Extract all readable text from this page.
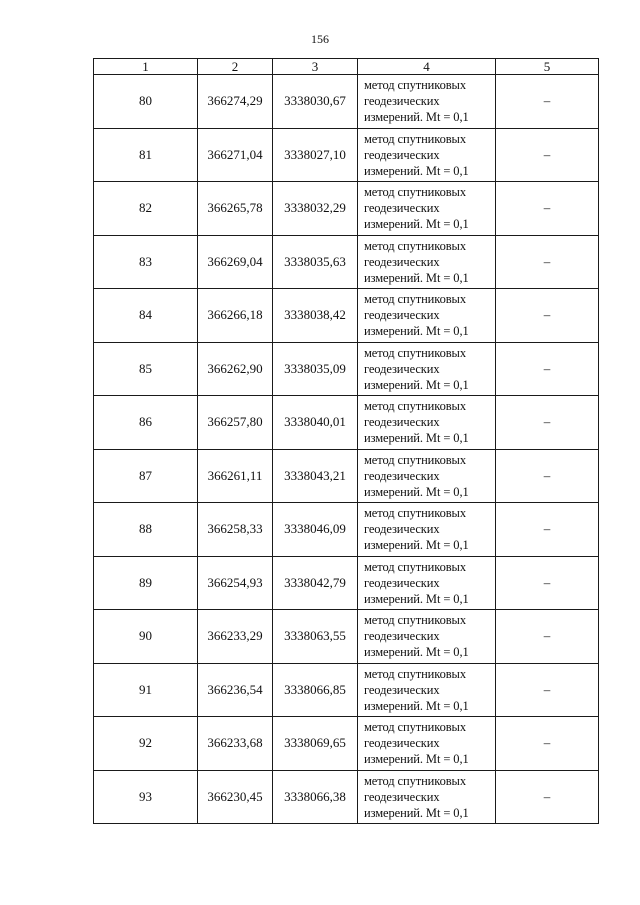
156
1	2	3	4	5
80	366274,29	3338030,67	метод спутниковых
геодезических
измерений. Mt = 0,1	–
81	366271,04	3338027,10	метод спутниковых
геодезических
измерений. Mt = 0,1	–
82	366265,78	3338032,29	метод спутниковых
геодезических
измерений. Mt = 0,1	–
83	366269,04	3338035,63	метод спутниковых
геодезических
измерений. Mt = 0,1	–
84	366266,18	3338038,42	метод спутниковых
геодезических
измерений. Mt = 0,1	–
85	366262,90	3338035,09	метод спутниковых
геодезических
измерений. Mt = 0,1	–
86	366257,80	3338040,01	метод спутниковых
геодезических
измерений. Mt = 0,1	–
87	366261,11	3338043,21	метод спутниковых
геодезических
измерений. Mt = 0,1	–
88	366258,33	3338046,09	метод спутниковых
геодезических
измерений. Mt = 0,1	–
89	366254,93	3338042,79	метод спутниковых
геодезических
измерений. Mt = 0,1	–
90	366233,29	3338063,55	метод спутниковых
геодезических
измерений. Mt = 0,1	–
91	366236,54	3338066,85	метод спутниковых
геодезических
измерений. Mt = 0,1	–
92	366233,68	3338069,65	метод спутниковых
геодезических
измерений. Mt = 0,1	–
93	366230,45	3338066,38	метод спутниковых
геодезических
измерений. Mt = 0,1	–
